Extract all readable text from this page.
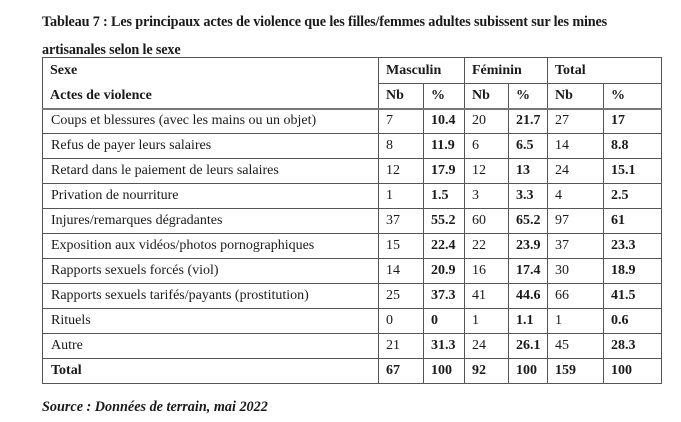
Tableau 7 : Les principaux actes de violence que les filles/femmes adultes subissent sur les mines artisanales selon le sexe
Sexe	Masculin		Féminin		Total	
Actes de violence	Nb	%	Nb	%	Nb	%
Coups et blessures (avec les mains ou un objet)	7	10.4	20	21.7	27	17
Refus de payer leurs salaires	8	11.9	6	6.5	14	8.8
Retard dans le paiement de leurs salaires	12	17.9	12	13	24	15.1
Privation de nourriture	1	1.5	3	3.3	4	2.5
Injures/remarques dégradantes	37	55.2	60	65.2	97	61
Exposition aux vidéos/photos pornographiques	15	22.4	22	23.9	37	23.3
Rapports sexuels forcés (viol)	14	20.9	16	17.4	30	18.9
Rapports sexuels tarifés/payants (prostitution)	25	37.3	41	44.6	66	41.5
Rituels	0	0	1	1.1	1	0.6
Autre	21	31.3	24	26.1	45	28.3
Total	67	100	92	100	159	100
Source : Données de terrain, mai 2022
